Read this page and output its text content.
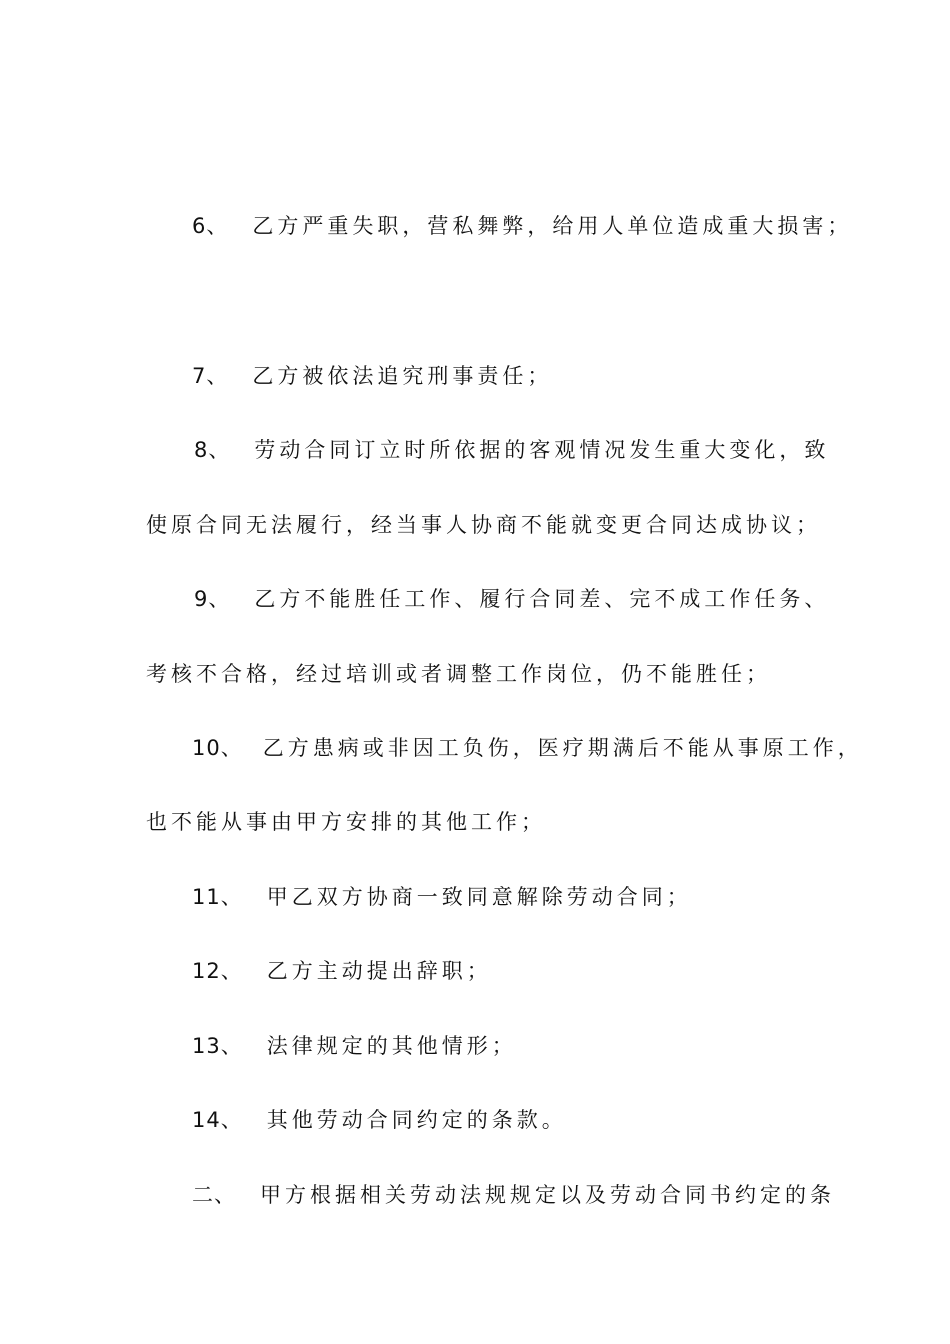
6、 乙方严重失职，营私舞弊，给用人单位造成重大损害；
7、 乙方被依法追究刑事责任；
8、 劳动合同订立时所依据的客观情况发生重大变化，致
使原合同无法履行，经当事人协商不能就变更合同达成协议；
9、 乙方不能胜任工作、履行合同差、完不成工作任务、
考核不合格，经过培训或者调整工作岗位，仍不能胜任；
10、 乙方患病或非因工负伤，医疗期满后不能从事原工作，
也不能从事由甲方安排的其他工作；
11、 甲乙双方协商一致同意解除劳动合同；
12、 乙方主动提出辞职；
13、 法律规定的其他情形；
14、 其他劳动合同约定的条款。
二、 甲方根据相关劳动法规规定以及劳动合同书约定的条
